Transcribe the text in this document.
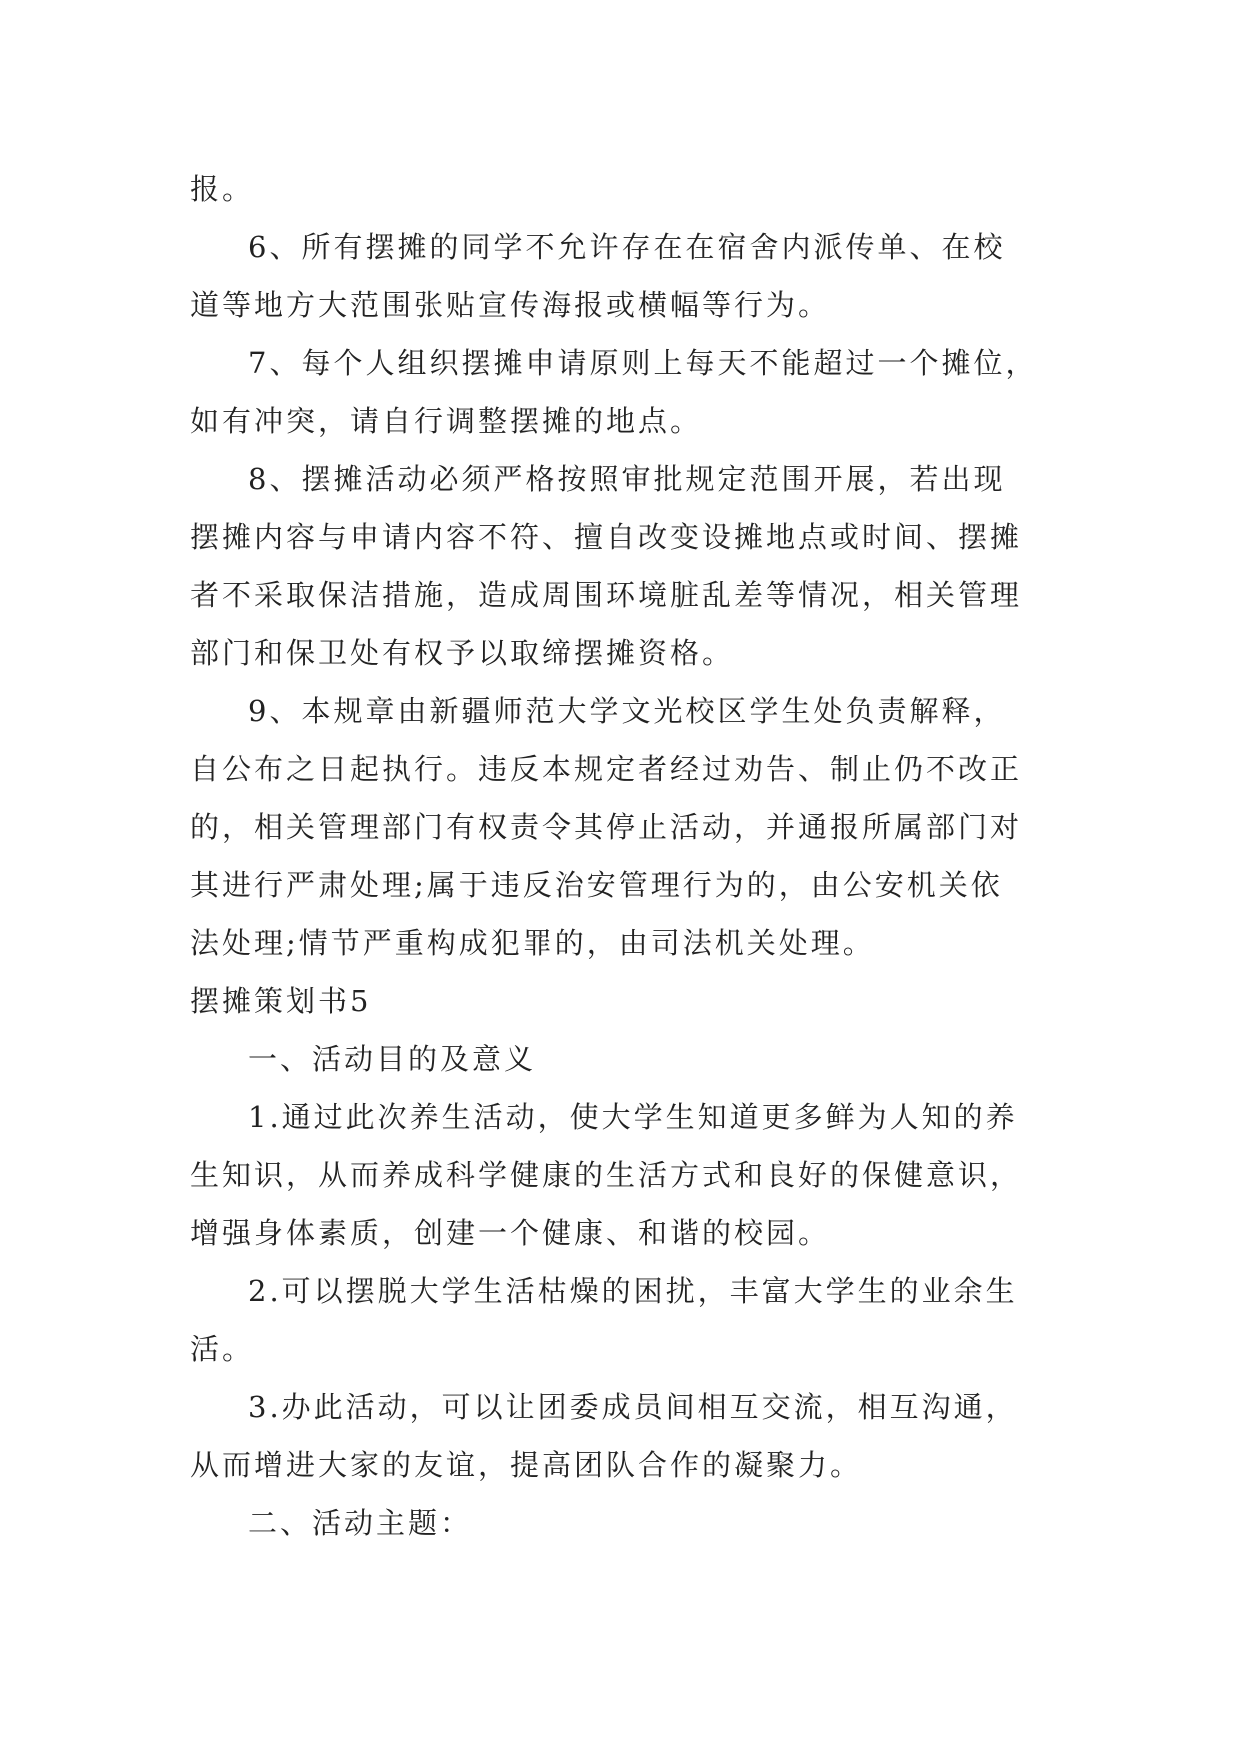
报。

6、所有摆摊的同学不允许存在在宿舍内派传单、在校

道等地方大范围张贴宣传海报或横幅等行为。

7、每个人组织摆摊申请原则上每天不能超过一个摊位，

如有冲突，请自行调整摆摊的地点。

8、摆摊活动必须严格按照审批规定范围开展，若出现

摆摊内容与申请内容不符、擅自改变设摊地点或时间、摆摊

者不采取保洁措施，造成周围环境脏乱差等情况，相关管理

部门和保卫处有权予以取缔摆摊资格。

9、本规章由新疆师范大学文光校区学生处负责解释，

自公布之日起执行。违反本规定者经过劝告、制止仍不改正

的，相关管理部门有权责令其停止活动，并通报所属部门对

其进行严肃处理;属于违反治安管理行为的，由公安机关依

法处理;情节严重构成犯罪的，由司法机关处理。

摆摊策划书5

一、活动目的及意义

1.通过此次养生活动，使大学生知道更多鲜为人知的养

生知识，从而养成科学健康的生活方式和良好的保健意识，

增强身体素质，创建一个健康、和谐的校园。

2.可以摆脱大学生活枯燥的困扰，丰富大学生的业余生

活。

3.办此活动，可以让团委成员间相互交流，相互沟通，

从而增进大家的友谊，提高团队合作的凝聚力。

二、活动主题：
